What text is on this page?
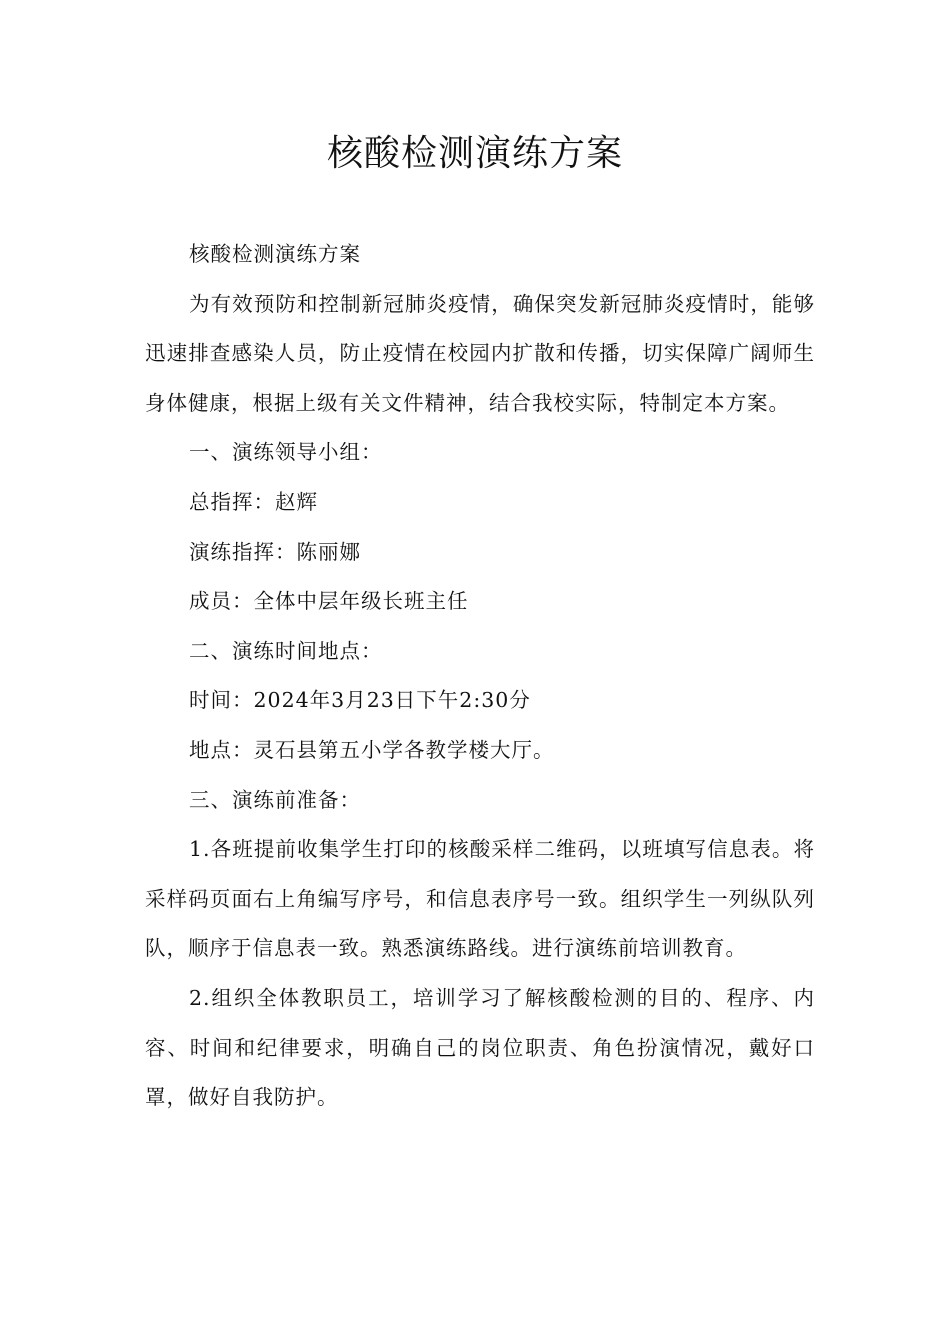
核酸检测演练方案

核酸检测演练方案

为有效预防和控制新冠肺炎疫情，确保突发新冠肺炎疫情时，能够迅速排查感染人员，防止疫情在校园内扩散和传播，切实保障广阔师生身体健康，根据上级有关文件精神，结合我校实际，特制定本方案。

一、演练领导小组：

总指挥：赵辉

演练指挥：陈丽娜

成员：全体中层年级长班主任

二、演练时间地点：

时间：2024年3月23日下午2:30分

地点：灵石县第五小学各教学楼大厅。

三、演练前准备：

1.各班提前收集学生打印的核酸采样二维码，以班填写信息表。将采样码页面右上角编写序号，和信息表序号一致。组织学生一列纵队列队，顺序于信息表一致。熟悉演练路线。进行演练前培训教育。

2.组织全体教职员工，培训学习了解核酸检测的目的、程序、内容、时间和纪律要求，明确自己的岗位职责、角色扮演情况，戴好口罩，做好自我防护。
